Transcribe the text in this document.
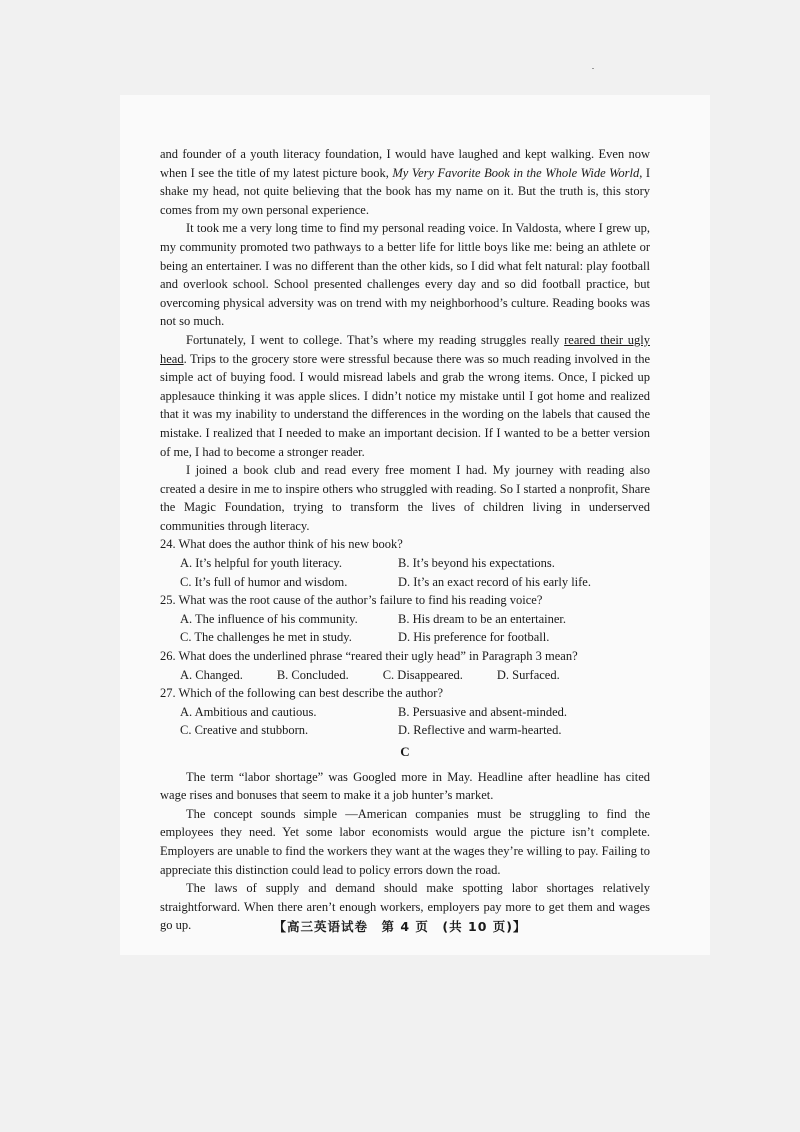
and founder of a youth literacy foundation, I would have laughed and kept walking. Even now when I see the title of my latest picture book, My Very Favorite Book in the Whole Wide World, I shake my head, not quite believing that the book has my name on it. But the truth is, this story comes from my own personal experience.

It took me a very long time to find my personal reading voice. In Valdosta, where I grew up, my community promoted two pathways to a better life for little boys like me: being an athlete or being an entertainer. I was no different than the other kids, so I did what felt natural: play football and overlook school. School presented challenges every day and so did football practice, but overcoming physical adversity was on trend with my neighborhood’s culture. Reading books was not so much.

Fortunately, I went to college. That’s where my reading struggles really reared their ugly head. Trips to the grocery store were stressful because there was so much reading involved in the simple act of buying food. I would misread labels and grab the wrong items. Once, I picked up applesauce thinking it was apple slices. I didn’t notice my mistake until I got home and realized that it was my inability to understand the differences in the wording on the labels that caused the mistake. I realized that I needed to make an important decision. If I wanted to be a better version of me, I had to become a stronger reader.

I joined a book club and read every free moment I had. My journey with reading also created a desire in me to inspire others who struggled with reading. So I started a nonprofit, Share the Magic Foundation, trying to transform the lives of children living in underserved communities through literacy.

24. What does the author think of his new book?

A. It’s helpful for youth literacy.	B. It’s beyond his expectations.
C. It’s full of humor and wisdom.	D. It’s an exact record of his early life.

25. What was the root cause of the author’s failure to find his reading voice?

A. The influence of his community.	B. His dream to be an entertainer.
C. The challenges he met in study.	D. His preference for football.

26. What does the underlined phrase “reared their ugly head” in Paragraph 3 mean?

A. Changed.	B. Concluded.	C. Disappeared.	D. Surfaced.

27. Which of the following can best describe the author?

A. Ambitious and cautious.	B. Persuasive and absent-minded.
C. Creative and stubborn.	D. Reflective and warm-hearted.
C

The term “labor shortage” was Googled more in May. Headline after headline has cited wage rises and bonuses that seem to make it a job hunter’s market.

The concept sounds simple —American companies must be struggling to find the employees they need. Yet some labor economists would argue the picture isn’t complete. Employers are unable to find the workers they want at the wages they’re willing to pay. Failing to appreciate this distinction could lead to policy errors down the road.

The laws of supply and demand should make spotting labor shortages relatively straightforward. When there aren’t enough workers, employers pay more to get them and wages go up.	【高三英语试卷　第 4 页　(共 10 页)】
